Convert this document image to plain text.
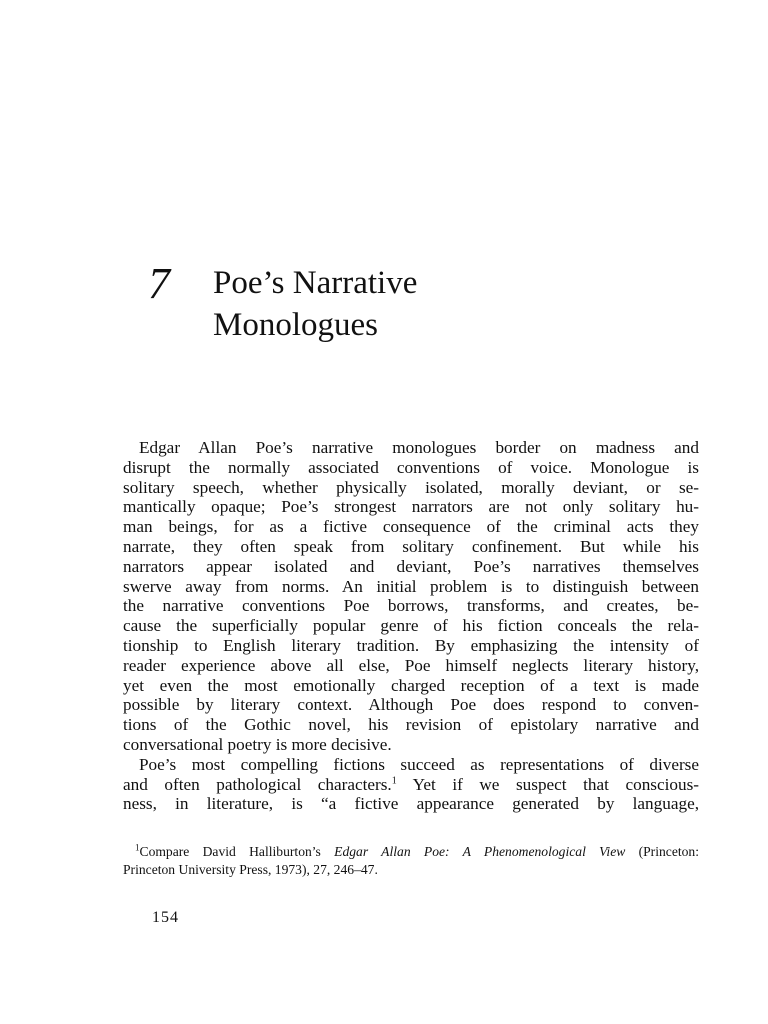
7 Poe’s Narrative
Monologues

Edgar Allan Poe’s narrative monologues border on madness and
disrupt the normally associated conventions of voice. Monologue is
solitary speech, whether physically isolated, morally deviant, or se-
mantically opaque; Poe’s strongest narrators are not only solitary hu-
man beings, for as a fictive consequence of the criminal acts they
narrate, they often speak from solitary confinement. But while his
narrators appear isolated and deviant, Poe’s narratives themselves
swerve away from norms. An initial problem is to distinguish between
the narrative conventions Poe borrows, transforms, and creates, be-
cause the superficially popular genre of his fiction conceals the rela-
tionship to English literary tradition. By emphasizing the intensity of
reader experience above all else, Poe himself neglects literary history,
yet even the most emotionally charged reception of a text is made
possible by literary context. Although Poe does respond to conven-
tions of the Gothic novel, his revision of epistolary narrative and
conversational poetry is more decisive.

Poe’s most compelling fictions succeed as representations of diverse
and often pathological characters.$^1$ Yet if we suspect that conscious-
ness, in literature, is “a fictive appearance generated by language,

$^1$Compare David Halliburton’s Edgar Allan Poe: A Phenomenological View (Princeton:
Princeton University Press, 1973), 27, 246–47.
154
